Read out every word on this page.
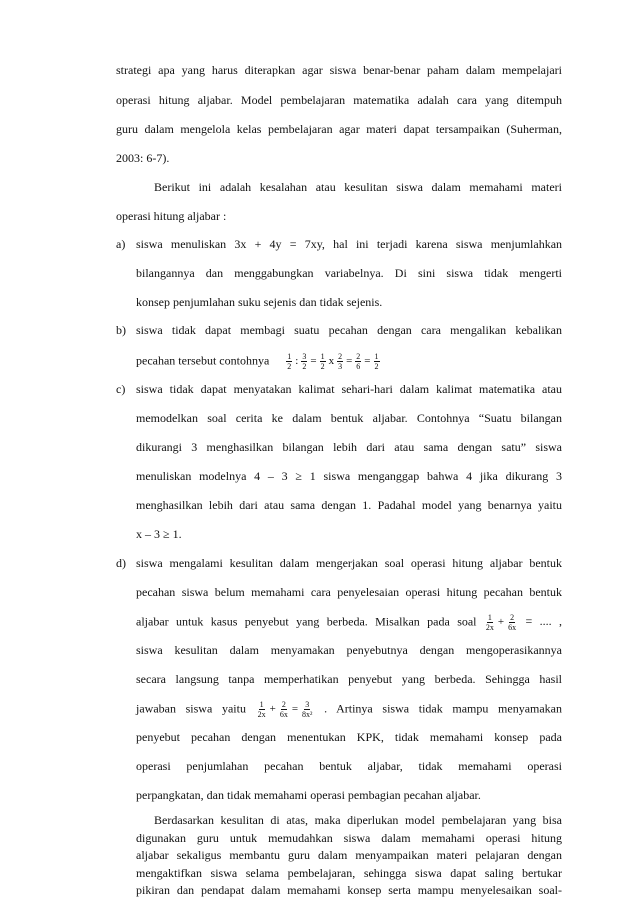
strategi apa yang harus diterapkan agar siswa benar-benar paham dalam mempelajari
operasi hitung aljabar. Model pembelajaran matematika adalah cara yang ditempuh
guru dalam mengelola kelas pembelajaran agar materi dapat tersampaikan (Suherman,
2003: 6-7).
Berikut ini adalah kesalahan atau kesulitan siswa dalam memahami materi
operasi hitung aljabar :
a) siswa menuliskan 3x + 4y = 7xy, hal ini terjadi karena siswa menjumlahkan
bilangannya dan menggabungkan variabelnya. Di sini siswa tidak mengerti
konsep penjumlahan suku sejenis dan tidak sejenis.
b) siswa tidak dapat membagi suatu pecahan dengan cara mengalikan kebalikan
pecahan tersebut contohnya $\frac{1}{2}$ : $\frac{3}{2} = \frac{1}{2}$ x $\frac{2}{3} = \frac{2}{6} = \frac{1}{2}$
c) siswa tidak dapat menyatakan kalimat sehari-hari dalam kalimat matematika atau
memodelkan soal cerita ke dalam bentuk aljabar. Contohnya “Suatu bilangan
dikurangi 3 menghasilkan bilangan lebih dari atau sama dengan satu” siswa
menuliskan modelnya 4 – 3 ≥ 1 siswa menganggap bahwa 4 jika dikurang 3
menghasilkan lebih dari atau sama dengan 1. Padahal model yang benarnya yaitu
x – 3 ≥ 1.
d) siswa mengalami kesulitan dalam mengerjakan soal operasi hitung aljabar bentuk
pecahan siswa belum memahami cara penyelesaian operasi hitung pecahan bentuk
aljabar untuk kasus penyebut yang berbeda. Misalkan pada soal $\frac{1}{2x} + \frac{2}{6x}$ = .... ,
siswa kesulitan dalam menyamakan penyebutnya dengan mengoperasikannya
secara langsung tanpa memperhatikan penyebut yang berbeda. Sehingga hasil
jawaban siswa yaitu $\frac{1}{2x} + \frac{2}{6x} = \frac{3}{\text{8x²}}$ . Artinya siswa tidak mampu menyamakan
penyebut pecahan dengan menentukan KPK, tidak memahami konsep pada
operasi penjumlahan pecahan bentuk aljabar, tidak memahami operasi
perpangkatan, dan tidak memahami operasi pembagian pecahan aljabar.
Berdasarkan kesulitan di atas, maka diperlukan model pembelajaran yang bisa
digunakan guru untuk memudahkan siswa dalam memahami operasi hitung
aljabar sekaligus membantu guru dalam menyampaikan materi pelajaran dengan
mengaktifkan siswa selama pembelajaran, sehingga siswa dapat saling bertukar
pikiran dan pendapat dalam memahami konsep serta mampu menyelesaikan soal-
